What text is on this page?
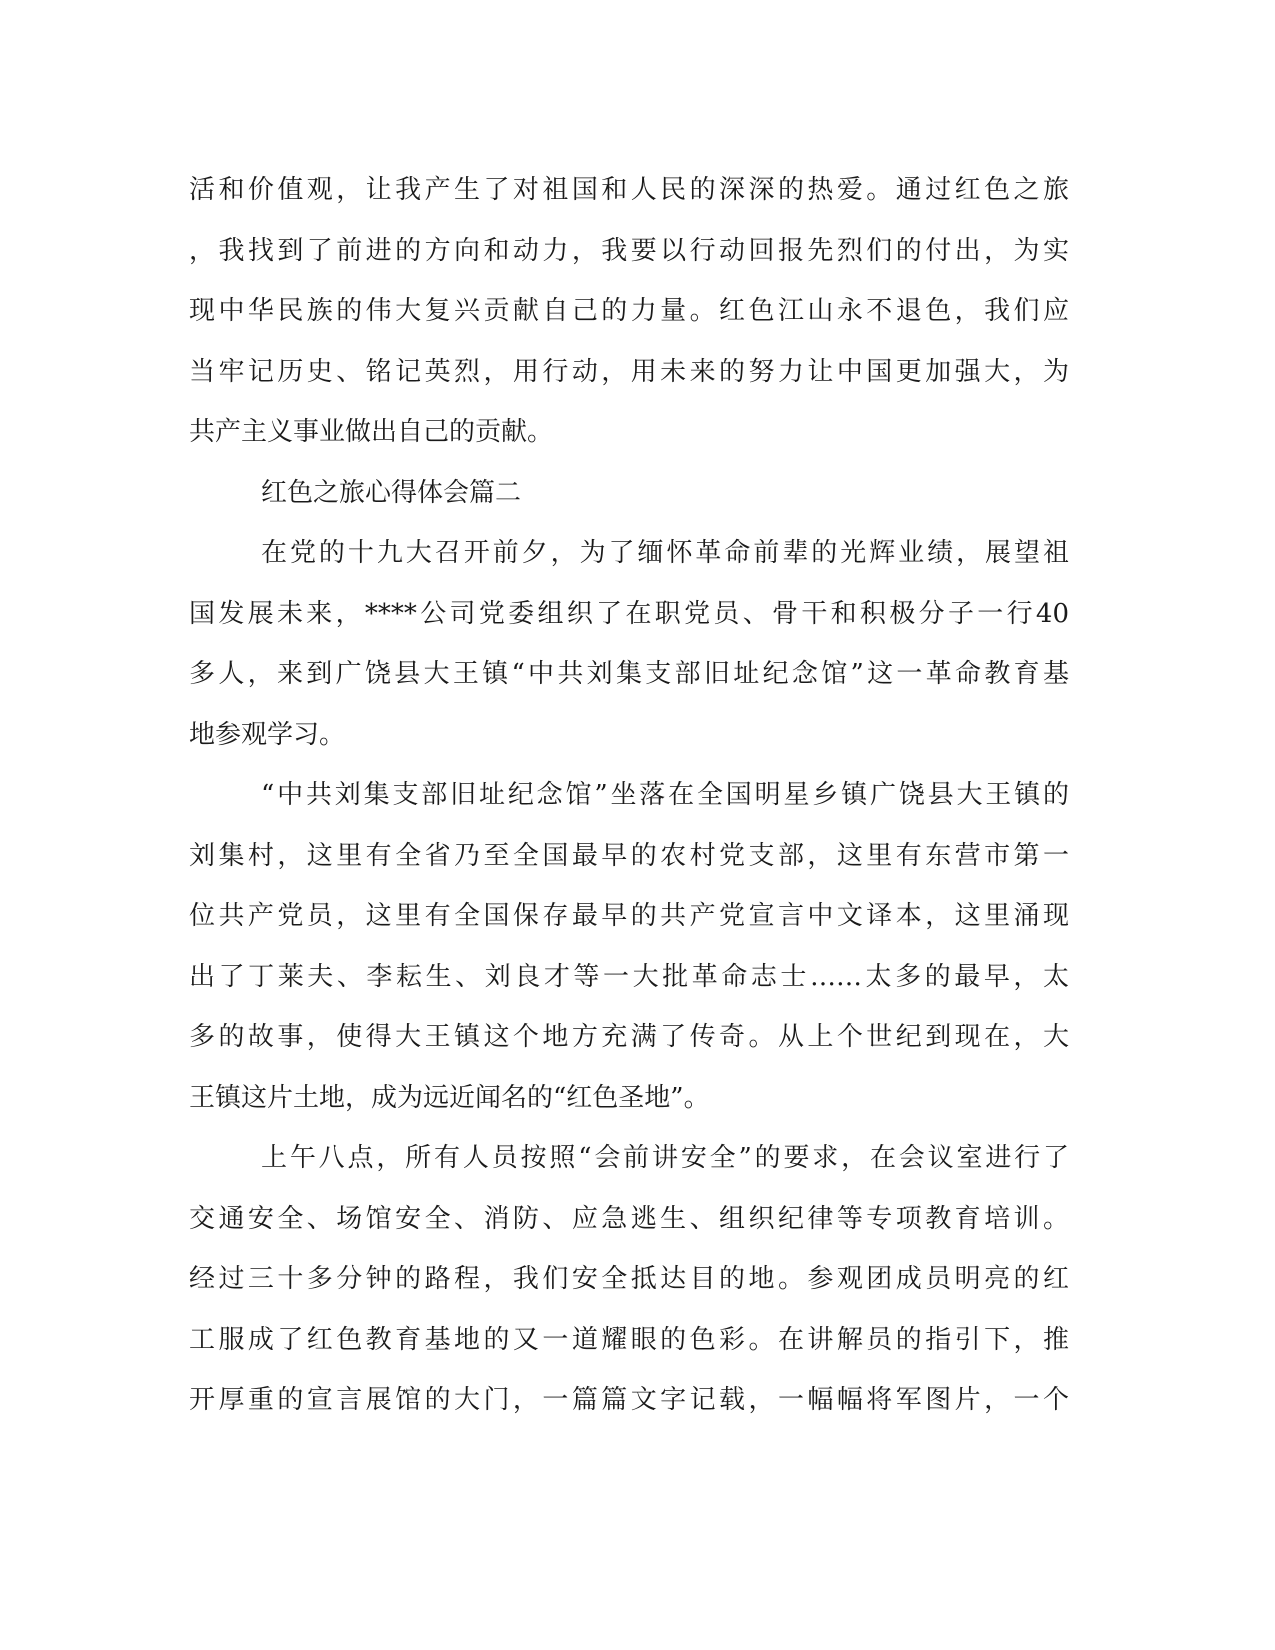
活和价值观，让我产生了对祖国和人民的深深的热爱。通过红色之旅
，我找到了前进的方向和动力，我要以行动回报先烈们的付出，为实
现中华民族的伟大复兴贡献自己的力量。红色江山永不退色，我们应
当牢记历史、铭记英烈，用行动，用未来的努力让中国更加强大，为
共产主义事业做出自己的贡献。
红色之旅心得体会篇二
在党的十九大召开前夕，为了缅怀革命前辈的光辉业绩，展望祖
国发展未来，****公司党委组织了在职党员、骨干和积极分子一行40
多人，来到广饶县大王镇“中共刘集支部旧址纪念馆”这一革命教育基
地参观学习。
“中共刘集支部旧址纪念馆”坐落在全国明星乡镇广饶县大王镇的
刘集村，这里有全省乃至全国最早的农村党支部，这里有东营市第一
位共产党员，这里有全国保存最早的共产党宣言中文译本，这里涌现
出了丁莱夫、李耘生、刘良才等一大批革命志士……太多的最早，太
多的故事，使得大王镇这个地方充满了传奇。从上个世纪到现在，大
王镇这片土地，成为远近闻名的“红色圣地”。
上午八点，所有人员按照“会前讲安全”的要求，在会议室进行了
交通安全、场馆安全、消防、应急逃生、组织纪律等专项教育培训。
经过三十多分钟的路程，我们安全抵达目的地。参观团成员明亮的红
工服成了红色教育基地的又一道耀眼的色彩。在讲解员的指引下，推
开厚重的宣言展馆的大门，一篇篇文字记载，一幅幅将军图片，一个
